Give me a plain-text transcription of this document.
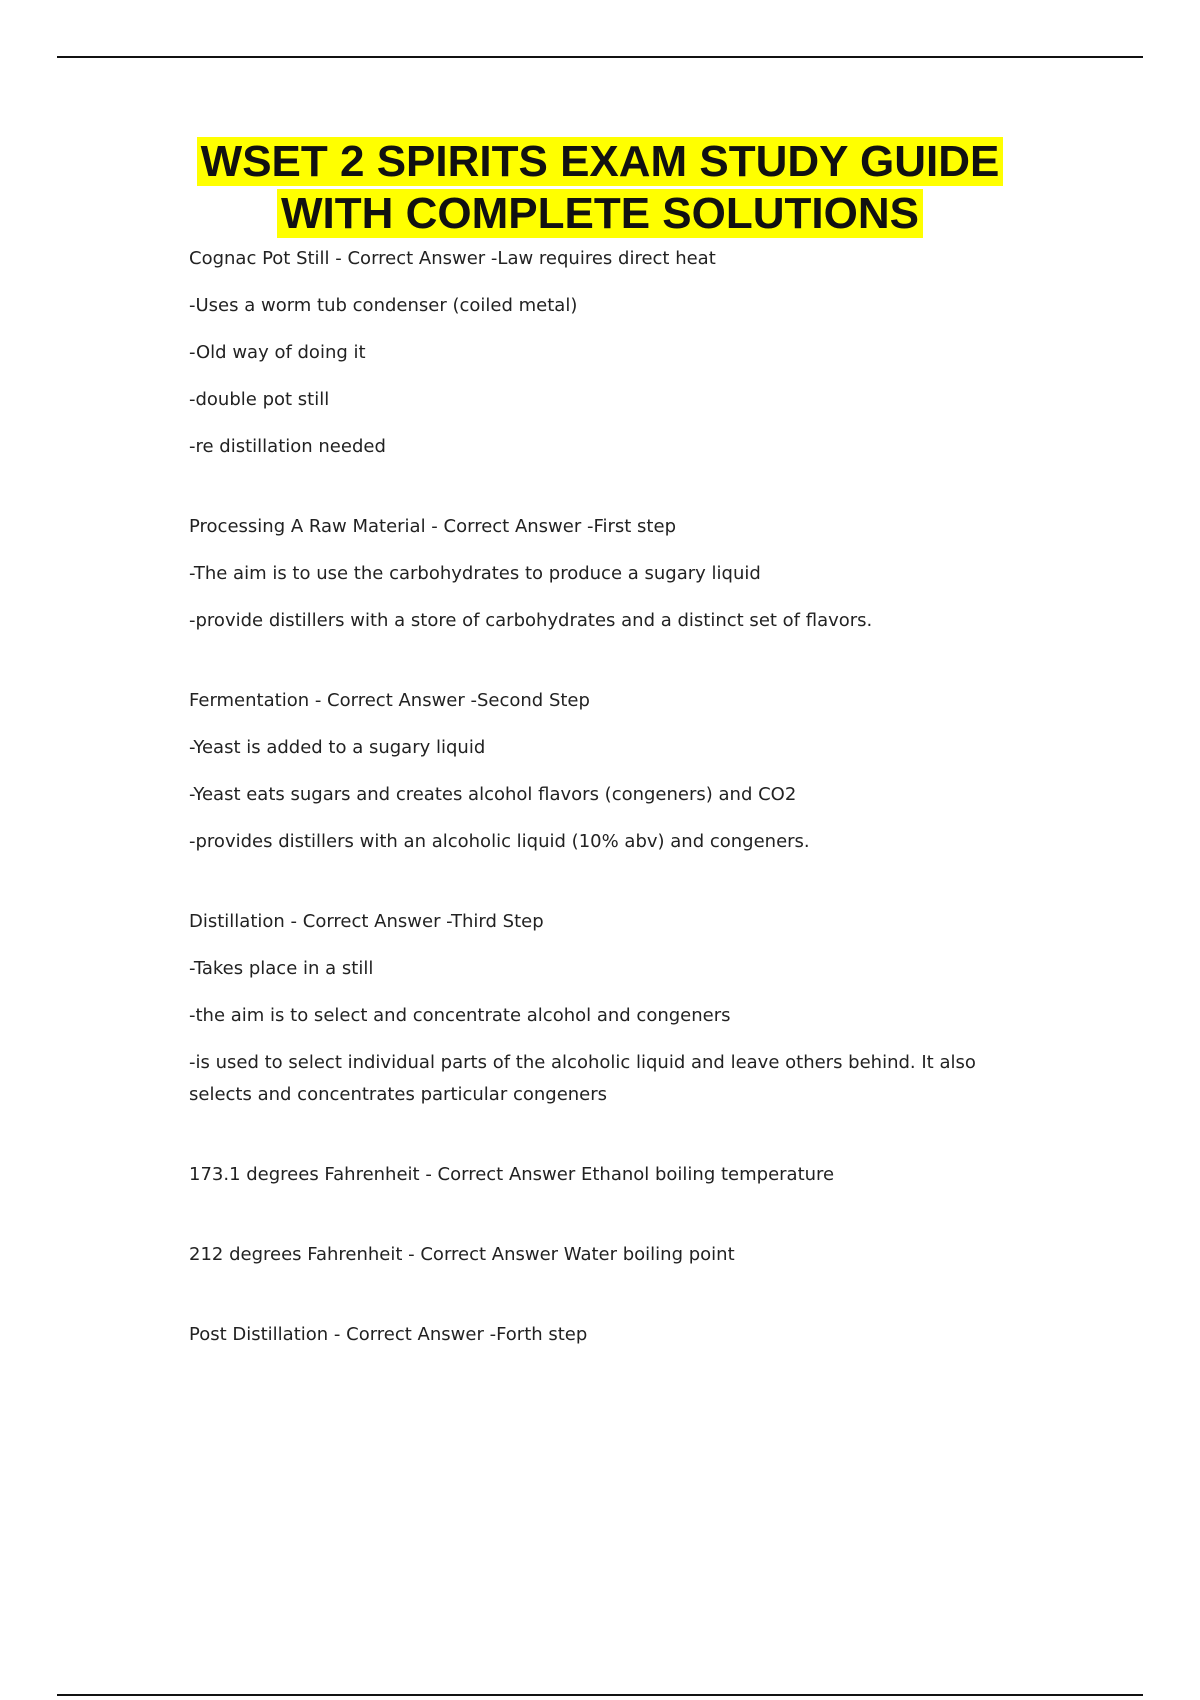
WSET 2 SPIRITS EXAM STUDY GUIDE
WITH COMPLETE SOLUTIONS

Cognac Pot Still - Correct Answer -Law requires direct heat

-Uses a worm tub condenser (coiled metal)

-Old way of doing it

-double pot still

-re distillation needed

Processing A Raw Material - Correct Answer -First step

-The aim is to use the carbohydrates to produce a sugary liquid

-provide distillers with a store of carbohydrates and a distinct set of flavors.

Fermentation - Correct Answer -Second Step

-Yeast is added to a sugary liquid

-Yeast eats sugars and creates alcohol flavors (congeners) and CO2

-provides distillers with an alcoholic liquid (10% abv) and congeners.

Distillation - Correct Answer -Third Step

-Takes place in a still

-the aim is to select and concentrate alcohol and congeners

-is used to select individual parts of the alcoholic liquid and leave others behind. It also selects and concentrates particular congeners

173.1 degrees Fahrenheit - Correct Answer Ethanol boiling temperature

212 degrees Fahrenheit - Correct Answer Water boiling point

Post Distillation - Correct Answer -Forth step
